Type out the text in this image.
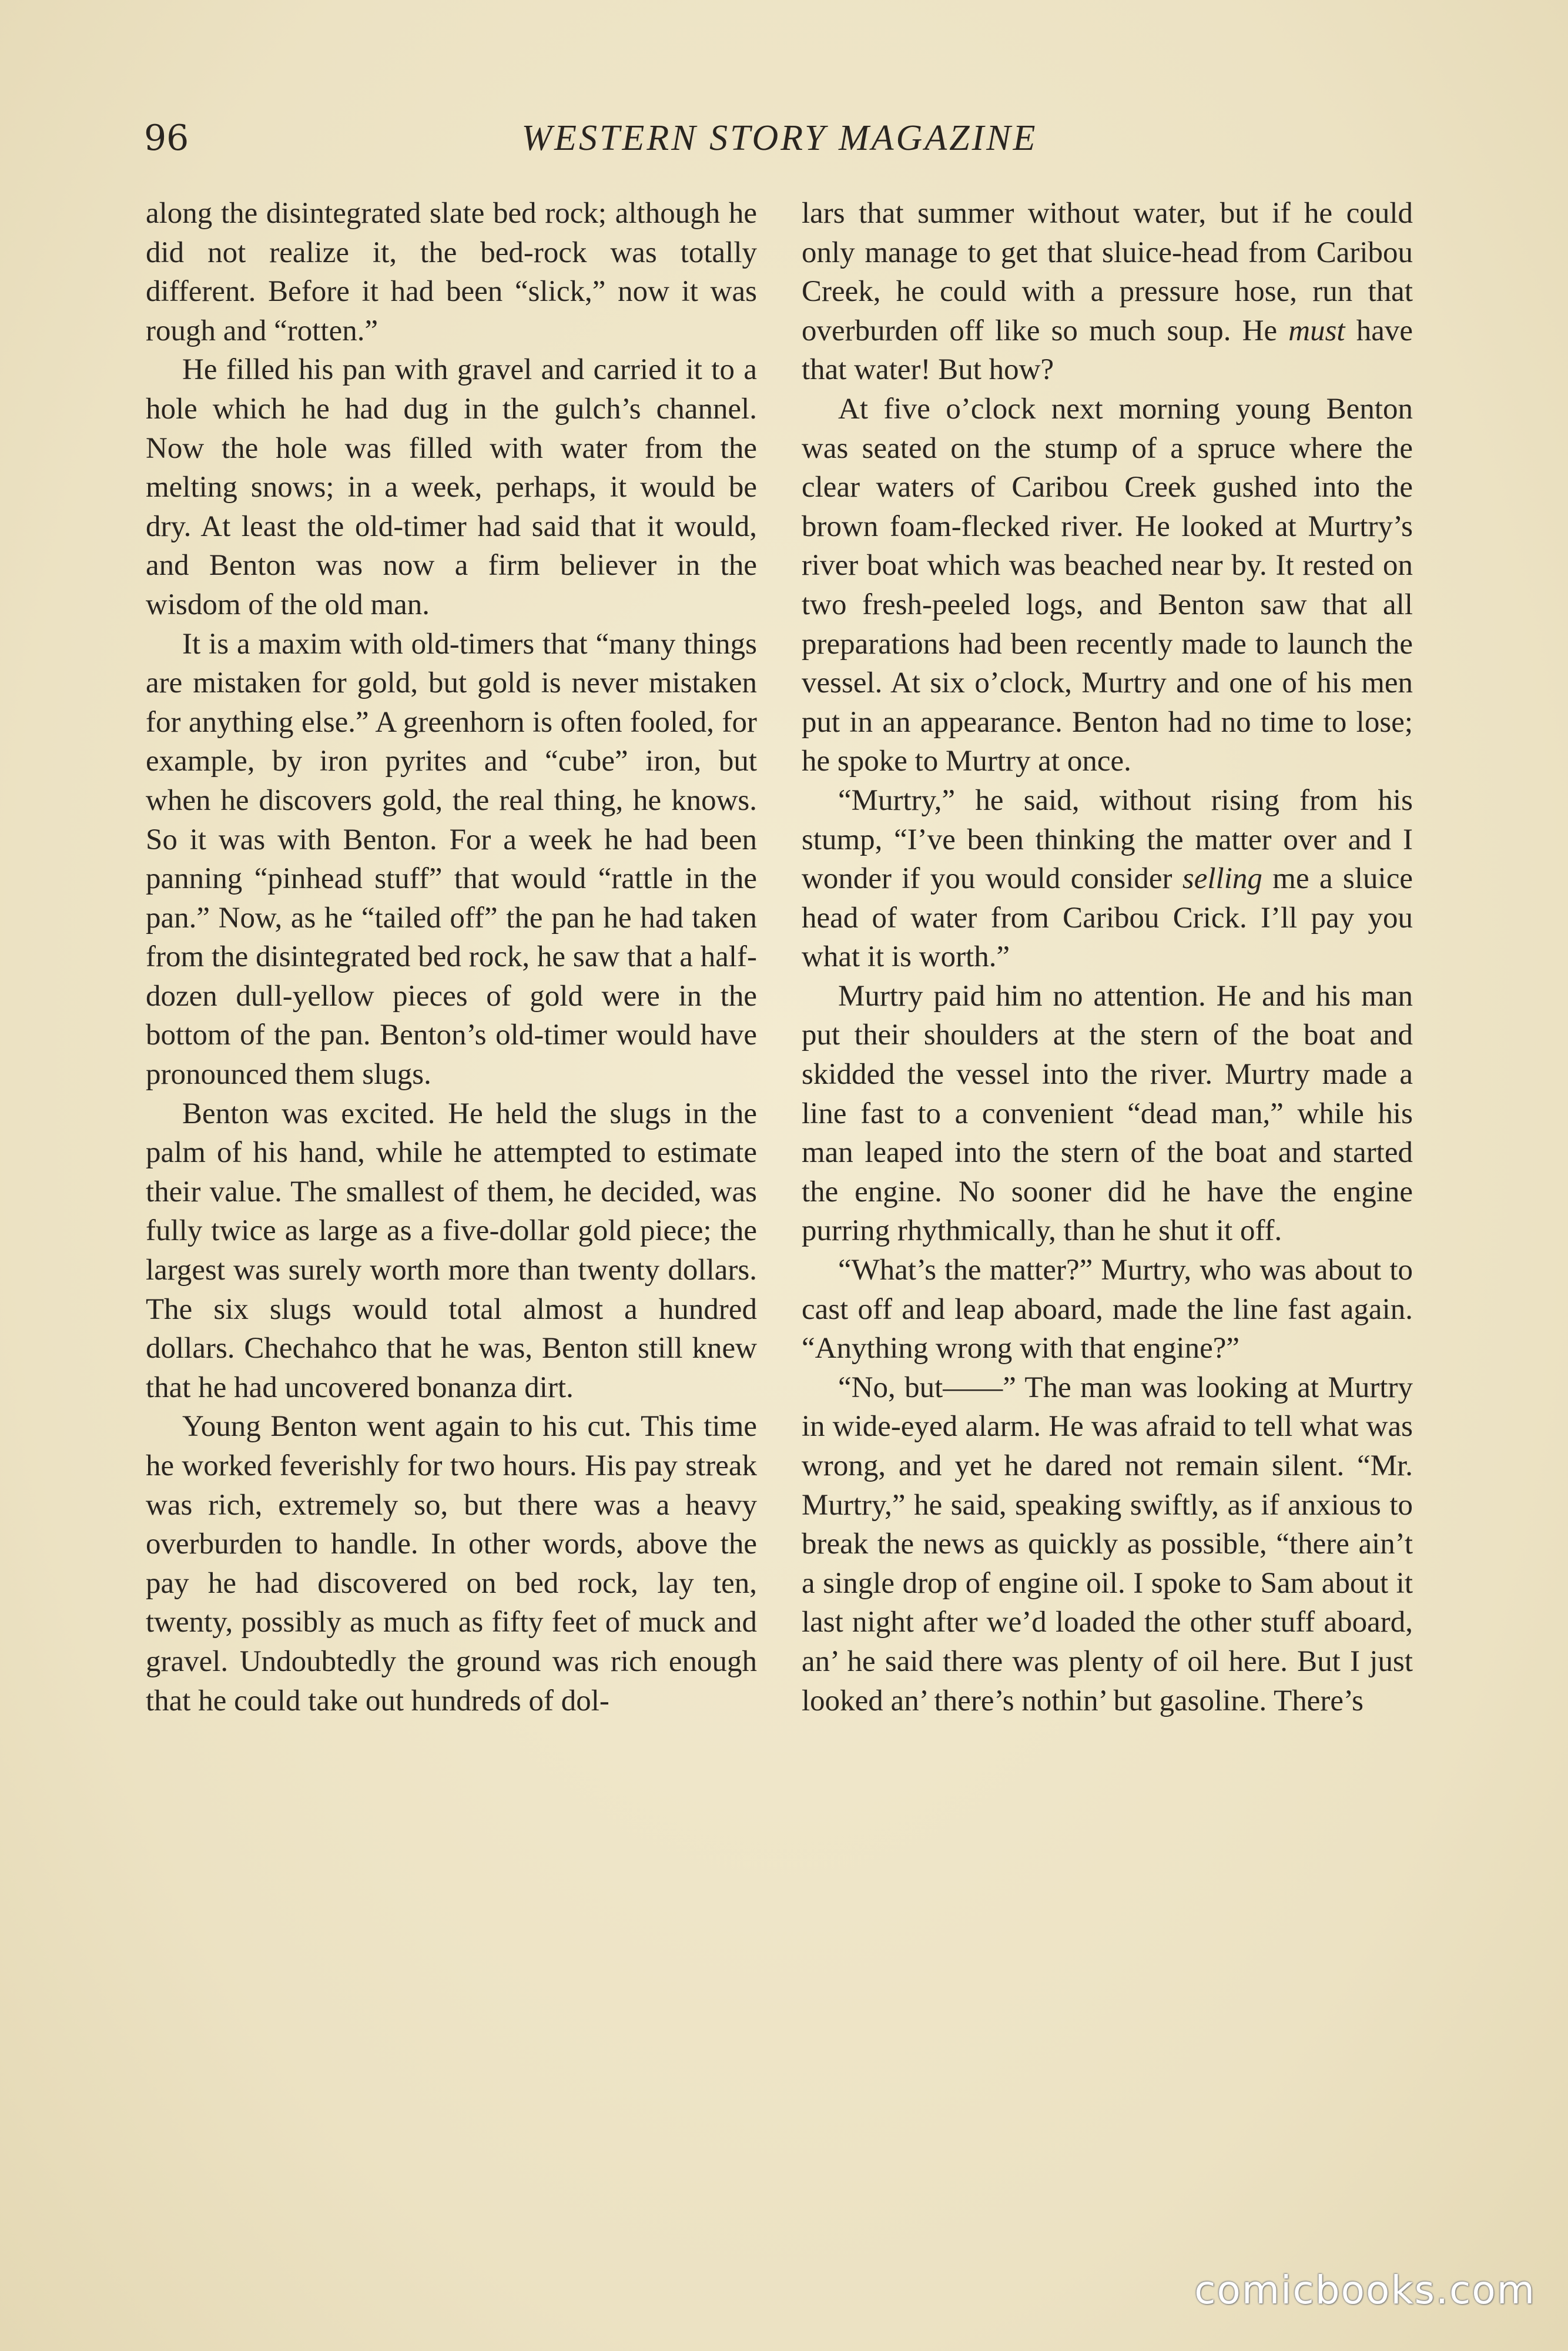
96	WESTERN STORY MAGAZINE

along the disintegrated slate bed rock; although he did not realize it, the bed-rock was totally different. Before it had been “slick,” now it was rough and “rotten.”

He filled his pan with gravel and carried it to a hole which he had dug in the gulch’s channel. Now the hole was filled with water from the melting snows; in a week, perhaps, it would be dry. At least the old-timer had said that it would, and Benton was now a firm believer in the wisdom of the old man.

It is a maxim with old-timers that “many things are mistaken for gold, but gold is never mistaken for anything else.” A greenhorn is often fooled, for example, by iron pyrites and “cube” iron, but when he discovers gold, the real thing, he knows. So it was with Benton. For a week he had been panning “pinhead stuff” that would “rattle in the pan.” Now, as he “tailed off” the pan he had taken from the disintegrated bed rock, he saw that a half-dozen dull-yellow pieces of gold were in the bottom of the pan. Benton’s old-timer would have pronounced them slugs.

Benton was excited. He held the slugs in the palm of his hand, while he attempted to estimate their value. The smallest of them, he decided, was fully twice as large as a five-dollar gold piece; the largest was surely worth more than twenty dollars. The six slugs would total almost a hundred dollars. Chechahco that he was, Benton still knew that he had uncovered bonanza dirt.

Young Benton went again to his cut. This time he worked feverishly for two hours. His pay streak was rich, extremely so, but there was a heavy overburden to handle. In other words, above the pay he had discovered on bed rock, lay ten, twenty, possibly as much as fifty feet of muck and gravel. Undoubtedly the ground was rich enough that he could take out hundreds of dol-

lars that summer without water, but if he could only manage to get that sluice-head from Caribou Creek, he could with a pressure hose, run that overburden off like so much soup. He must have that water! But how?

At five o’clock next morning young Benton was seated on the stump of a spruce where the clear waters of Caribou Creek gushed into the brown foam-flecked river. He looked at Murtry’s river boat which was beached near by. It rested on two fresh-peeled logs, and Benton saw that all preparations had been recently made to launch the vessel. At six o’clock, Murtry and one of his men put in an appearance. Benton had no time to lose; he spoke to Murtry at once.

“Murtry,” he said, without rising from his stump, “I’ve been thinking the matter over and I wonder if you would consider selling me a sluice head of water from Caribou Crick. I’ll pay you what it is worth.”

Murtry paid him no attention. He and his man put their shoulders at the stern of the boat and skidded the vessel into the river. Murtry made a line fast to a convenient “dead man,” while his man leaped into the stern of the boat and started the engine. No sooner did he have the engine purring rhythmically, than he shut it off.

“What’s the matter?” Murtry, who was about to cast off and leap aboard, made the line fast again. “Anything wrong with that engine?”

“No, but——” The man was looking at Murtry in wide-eyed alarm. He was afraid to tell what was wrong, and yet he dared not remain silent. “Mr. Murtry,” he said, speaking swiftly, as if anxious to break the news as quickly as possible, “there ain’t a single drop of engine oil. I spoke to Sam about it last night after we’d loaded the other stuff aboard, an’ he said there was plenty of oil here. But I just looked an’ there’s nothin’ but gasoline. There’s

comicbooks.com
